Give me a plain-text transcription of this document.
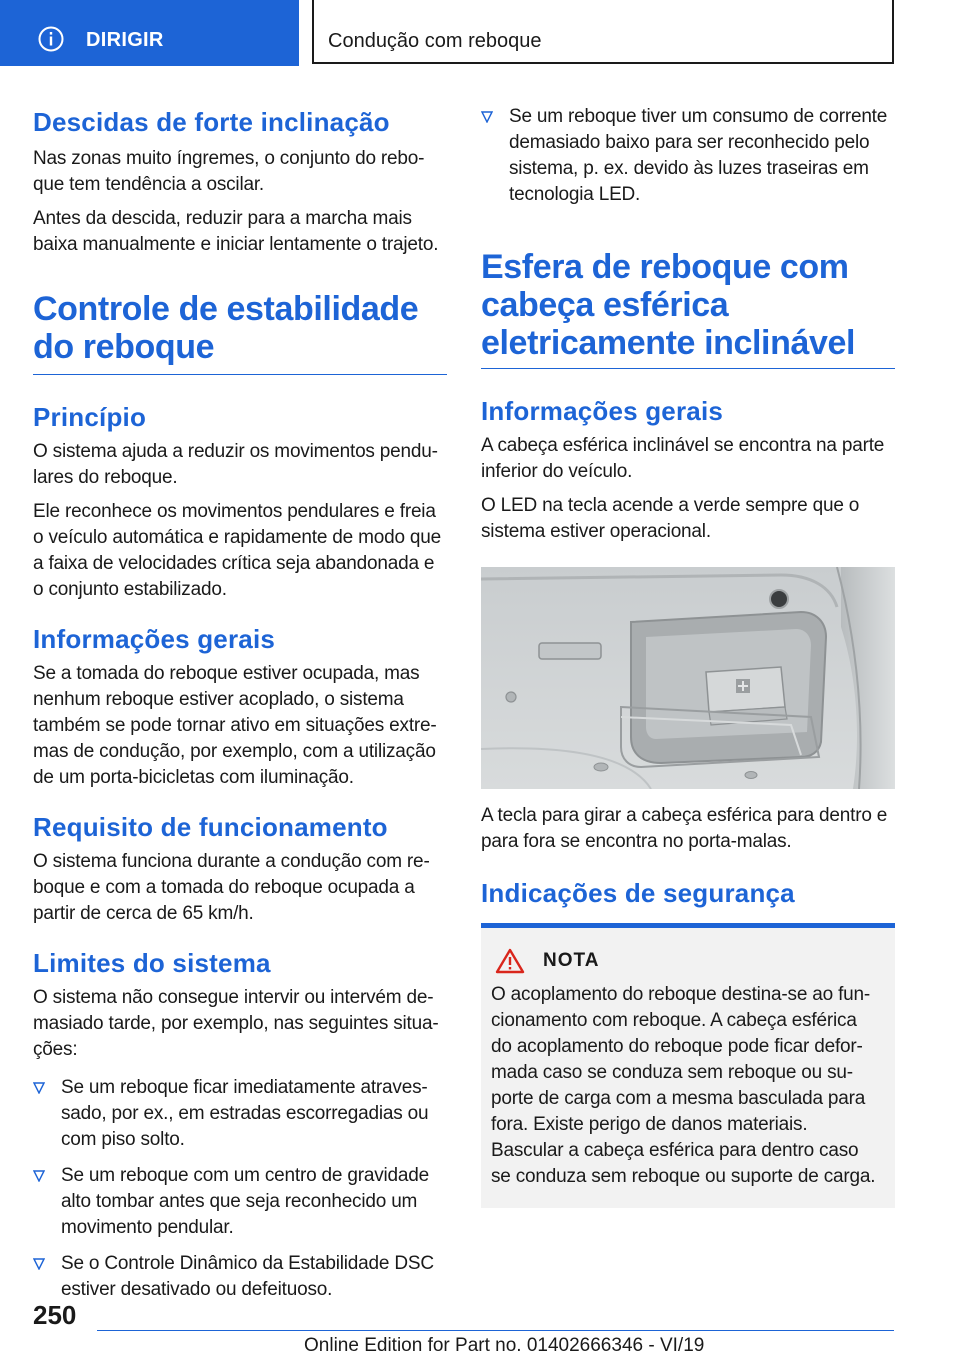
DIRIGIR	Condução com reboque
Descidas de forte inclinação

Nas zonas muito íngremes, o conjunto do reboque tem tendência a oscilar.

Antes da descida, reduzir para a marcha mais baixa manualmente e iniciar lentamente o trajeto.

Controle de estabilidade do reboque
Princípio

O sistema ajuda a reduzir os movimentos pendulares do reboque.

Ele reconhece os movimentos pendulares e freia o veículo automática e rapidamente de modo que a faixa de velocidades crítica seja abandonada e o conjunto estabilizado.

Informações gerais

Se a tomada do reboque estiver ocupada, mas nenhum reboque estiver acoplado, o sistema também se pode tornar ativo em situações extremas de condução, por exemplo, com a utilização de um porta-bicicletas com iluminação.

Requisito de funcionamento

O sistema funciona durante a condução com reboque e com a tomada do reboque ocupada a partir de cerca de 65 km/h.

Limites do sistema

O sistema não consegue intervir ou intervém demasiado tarde, por exemplo, nas seguintes situações:

Se um reboque ficar imediatamente atravessado, por ex., em estradas escorregadias ou com piso solto.
Se um reboque com um centro de gravidade alto tombar antes que seja reconhecido um movimento pendular.
Se o Controle Dinâmico da Estabilidade DSC estiver desativado ou defeituoso.
Se um reboque tiver um consumo de corrente demasiado baixo para ser reconhecido pelo sistema, p. ex. devido às luzes traseiras em tecnologia LED.
Esfera de reboque com cabeça esférica eletricamente inclinável
Informações gerais

A cabeça esférica inclinável se encontra na parte inferior do veículo.

O LED na tecla acende a verde sempre que o sistema estiver operacional.

A tecla para girar a cabeça esférica para dentro e para fora se encontra no porta-malas.

Indicações de segurança
NOTA

O acoplamento do reboque destina-se ao funcionamento com reboque. A cabeça esférica do acoplamento do reboque pode ficar deformada caso se conduza sem reboque ou suporte de carga com a mesma basculada para fora. Existe perigo de danos materiais. Bascular a cabeça esférica para dentro caso se conduza sem reboque ou suporte de carga.

250
Online Edition for Part no. 01402666346 - VI/19
